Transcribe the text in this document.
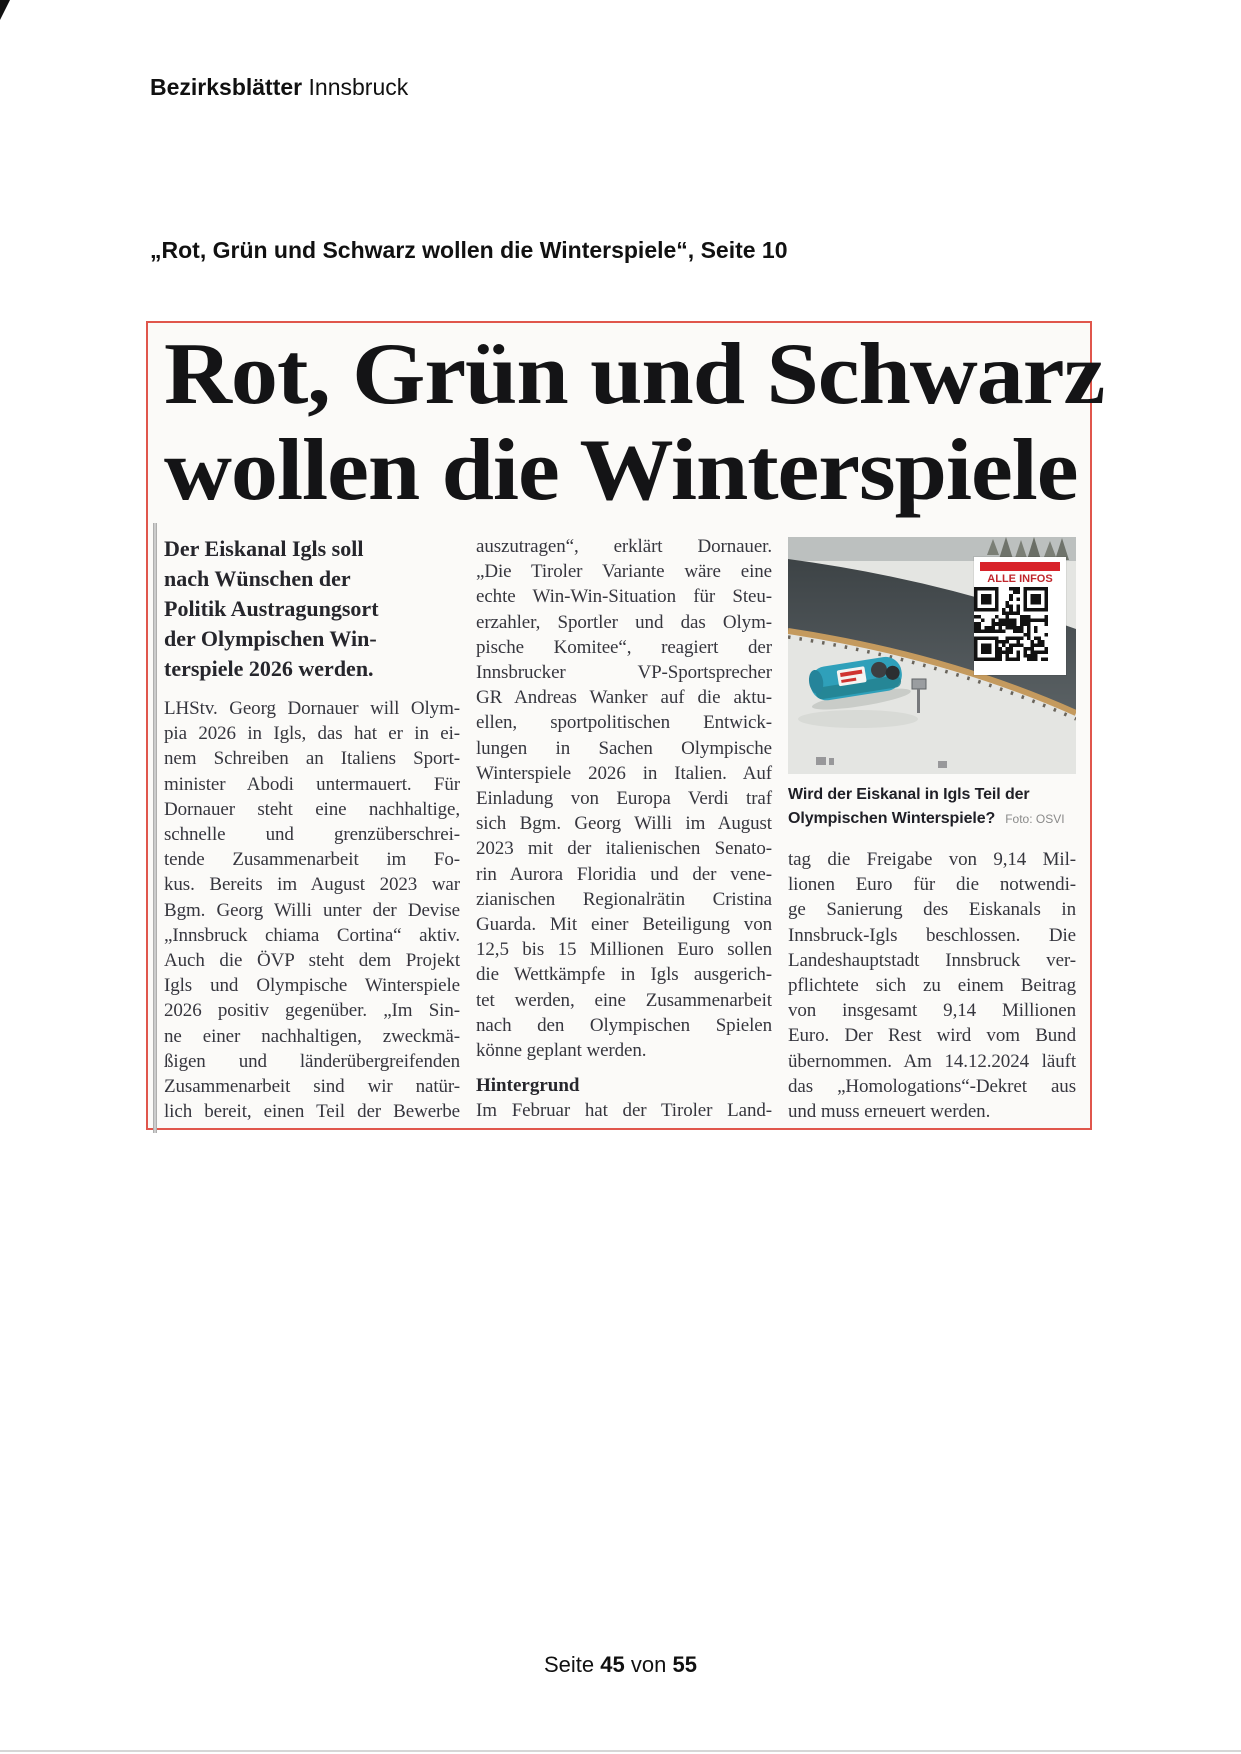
Bezirksblätter Innsbruck
„Rot, Grün und Schwarz wollen die Winterspiele“, Seite 10
Rot, Grün und Schwarz
wollen die Winterspiele
Der Eiskanal Igls soll
nach Wünschen der
Politik Austragungsort
der Olympischen Win-
terspiele 2026 werden.
LHStv. Georg Dornauer will Olym-
pia 2026 in Igls, das hat er in ei-
nem Schreiben an Italiens Sport-
minister Abodi untermauert. Für
Dornauer steht eine nachhaltige,
schnelle und grenzüberschrei-
tende Zusammenarbeit im Fo-
kus. Bereits im August 2023 war
Bgm. Georg Willi unter der Devise
„Innsbruck chiama Cortina“ aktiv.
Auch die ÖVP steht dem Projekt
Igls und Olympische Winterspiele
2026 positiv gegenüber. „Im Sin-
ne einer nachhaltigen, zweckmä-
ßigen und länderübergreifenden
Zusammenarbeit sind wir natür-
lich bereit, einen Teil der Bewerbe
auszutragen“, erklärt Dornauer.
„Die Tiroler Variante wäre eine
echte Win-Win-Situation für Steu-
erzahler, Sportler und das Olym-
pische Komitee“, reagiert der
Innsbrucker VP-Sportsprecher
GR Andreas Wanker auf die aktu-
ellen, sportpolitischen Entwick-
lungen in Sachen Olympische
Winterspiele 2026 in Italien. Auf
Einladung von Europa Verdi traf
sich Bgm. Georg Willi im August
2023 mit der italienischen Senato-
rin Aurora Floridia und der vene-
zianischen Regionalrätin Cristina
Guarda. Mit einer Beteiligung von
12,5 bis 15 Millionen Euro sollen
die Wettkämpfe in Igls ausgerich-
tet werden, eine Zusammenarbeit
nach den Olympischen Spielen
könne geplant werden.
Hintergrund
Im Februar hat der Tiroler Land-
ALLE INFOS
Wird der Eiskanal in Igls Teil der
Olympischen Winterspiele? Foto: OSVI
tag die Freigabe von 9,14 Mil-
lionen Euro für die notwendi-
ge Sanierung des Eiskanals in
Innsbruck-Igls beschlossen. Die
Landeshauptstadt Innsbruck ver-
pflichtete sich zu einem Beitrag
von insgesamt 9,14 Millionen
Euro. Der Rest wird vom Bund
übernommen. Am 14.12.2024 läuft
das „Homologations“-Dekret aus
und muss erneuert werden.
Seite 45 von 55
